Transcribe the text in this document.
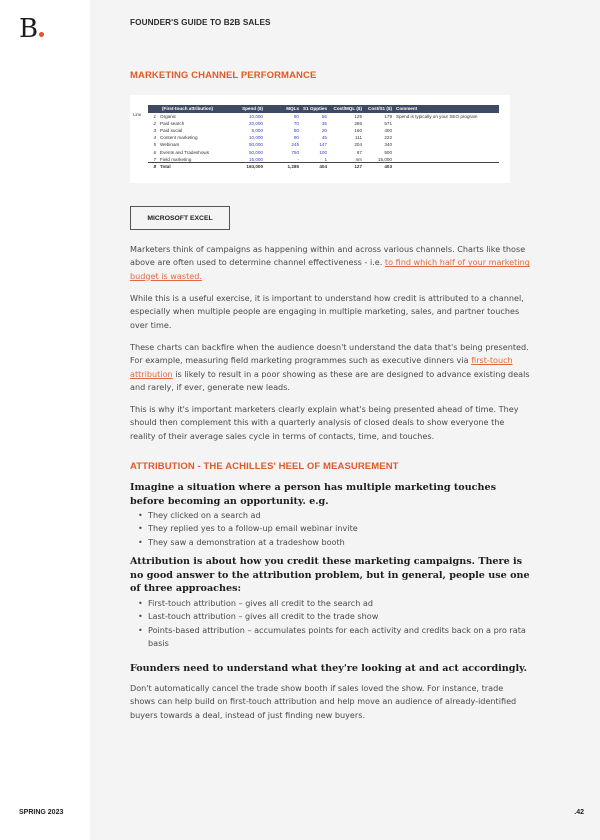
B	FOUNDER'S GUIDE TO B2B SALES
MARKETING CHANNEL PERFORMANCE
Line
	(First-touch attribution)	Spend ($)	MQLs	S1 Oppties	Cost/MQL ($)	Cost/S1 ($)	Comment
1	Organic	10,000	80	56	125	179	Spend is typically on your SEO program
2	Paid search	20,000	70	35	286	571	
3	Paid social	8,000	50	20	160	400	
4	Content marketing	10,000	90	45	111	222	
5	Webinars	50,000	245	147	204	340	
6	Events and Tradeshows	50,000	750	100	67	500	
7	Field marketing	15,000	-	1	nm	15,000	
8	Total	163,000	1,285	404	127	403	
MICROSOFT EXCEL

Marketers think of campaigns as happening within and across various channels. Charts like those above are often used to determine channel effectiveness - i.e. to find which half of your marketing budget is wasted.

While this is a useful exercise, it is important to understand how credit is attributed to a channel, especially when multiple people are engaging in multiple marketing, sales, and partner touches over time.

These charts can backfire when the audience doesn't understand the data that's being presented. For example, measuring field marketing programmes such as executive dinners via first-touch attribution is likely to result in a poor showing as these are are designed to advance existing deals and rarely, if ever, generate new leads.

This is why it's important marketers clearly explain what's being presented ahead of time. They should then complement this with a quarterly analysis of closed deals to show everyone the reality of their average sales cycle in terms of contacts, time, and touches.

ATTRIBUTION - THE ACHILLES' HEEL OF MEASUREMENT
Imagine a situation where a person has multiple marketing touches before becoming an opportunity. e.g.
• They clicked on a search ad
• They replied yes to a follow-up email webinar invite
• They saw a demonstration at a tradeshow booth
Attribution is about how you credit these marketing campaigns. There is no good answer to the attribution problem, but in general, people use one of three approaches:
• First-touch attribution – gives all credit to the search ad
• Last-touch attribution – gives all credit to the trade show
• Points-based attribution – accumulates points for each activity and credits back on a pro rata basis
Founders need to understand what they're looking at and act accordingly.

Don't automatically cancel the trade show booth if sales loved the show. For instance, trade shows can help build on first-touch attribution and help move an audience of already-identified buyers towards a deal, instead of just finding new buyers.

SPRING 2023	.42
